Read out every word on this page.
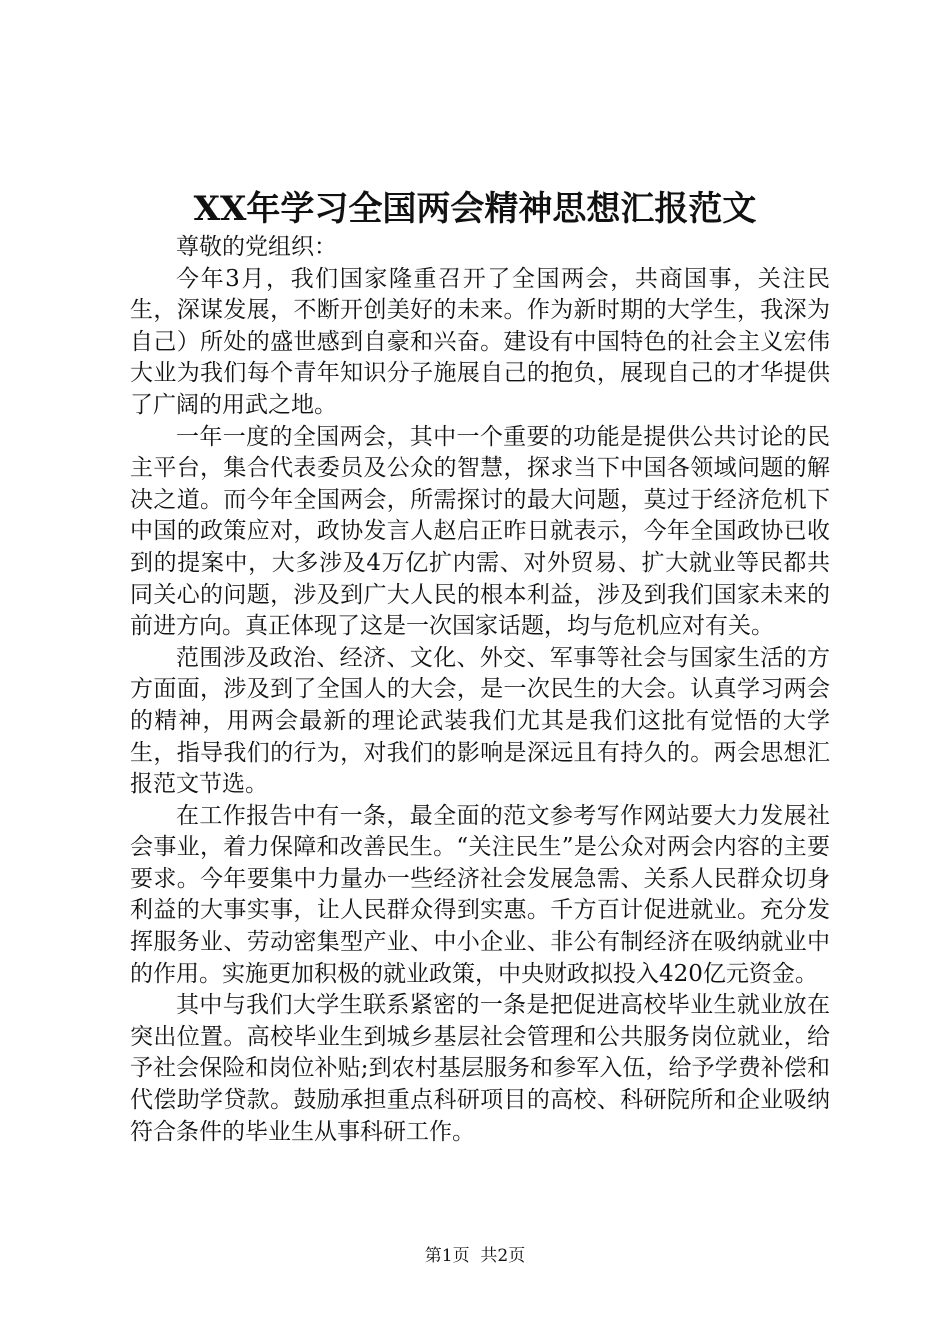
XX年学习全国两会精神思想汇报范文

尊敬的党组织：

今年3月，我们国家隆重召开了全国两会，共商国事，关注民生，深谋发展，不断开创美好的未来。作为新时期的大学生，我深为自己）所处的盛世感到自豪和兴奋。建设有中国特色的社会主义宏伟大业为我们每个青年知识分子施展自己的抱负，展现自己的才华提供了广阔的用武之地。

一年一度的全国两会，其中一个重要的功能是提供公共讨论的民主平台，集合代表委员及公众的智慧，探求当下中国各领域问题的解决之道。而今年全国两会，所需探讨的最大问题，莫过于经济危机下中国的政策应对，政协发言人赵启正昨日就表示，今年全国政协已收到的提案中，大多涉及4万亿扩内需、对外贸易、扩大就业等民都共同关心的问题，涉及到广大人民的根本利益，涉及到我们国家未来的前进方向。真正体现了这是一次国家话题，均与危机应对有关。

范围涉及政治、经济、文化、外交、军事等社会与国家生活的方方面面，涉及到了全国人的大会，是一次民生的大会。认真学习两会的精神，用两会最新的理论武装我们尤其是我们这批有觉悟的大学生，指导我们的行为，对我们的影响是深远且有持久的。两会思想汇报范文节选。

在工作报告中有一条，最全面的范文参考写作网站要大力发展社会事业，着力保障和改善民生。“关注民生”是公众对两会内容的主要要求。今年要集中力量办一些经济社会发展急需、关系人民群众切身利益的大事实事，让人民群众得到实惠。千方百计促进就业。充分发挥服务业、劳动密集型产业、中小企业、非公有制经济在吸纳就业中的作用。实施更加积极的就业政策，中央财政拟投入420亿元资金。

其中与我们大学生联系紧密的一条是把促进高校毕业生就业放在突出位置。高校毕业生到城乡基层社会管理和公共服务岗位就业，给予社会保险和岗位补贴;到农村基层服务和参军入伍，给予学费补偿和代偿助学贷款。鼓励承担重点科研项目的高校、科研院所和企业吸纳符合条件的毕业生从事科研工作。

第1页 共2页
